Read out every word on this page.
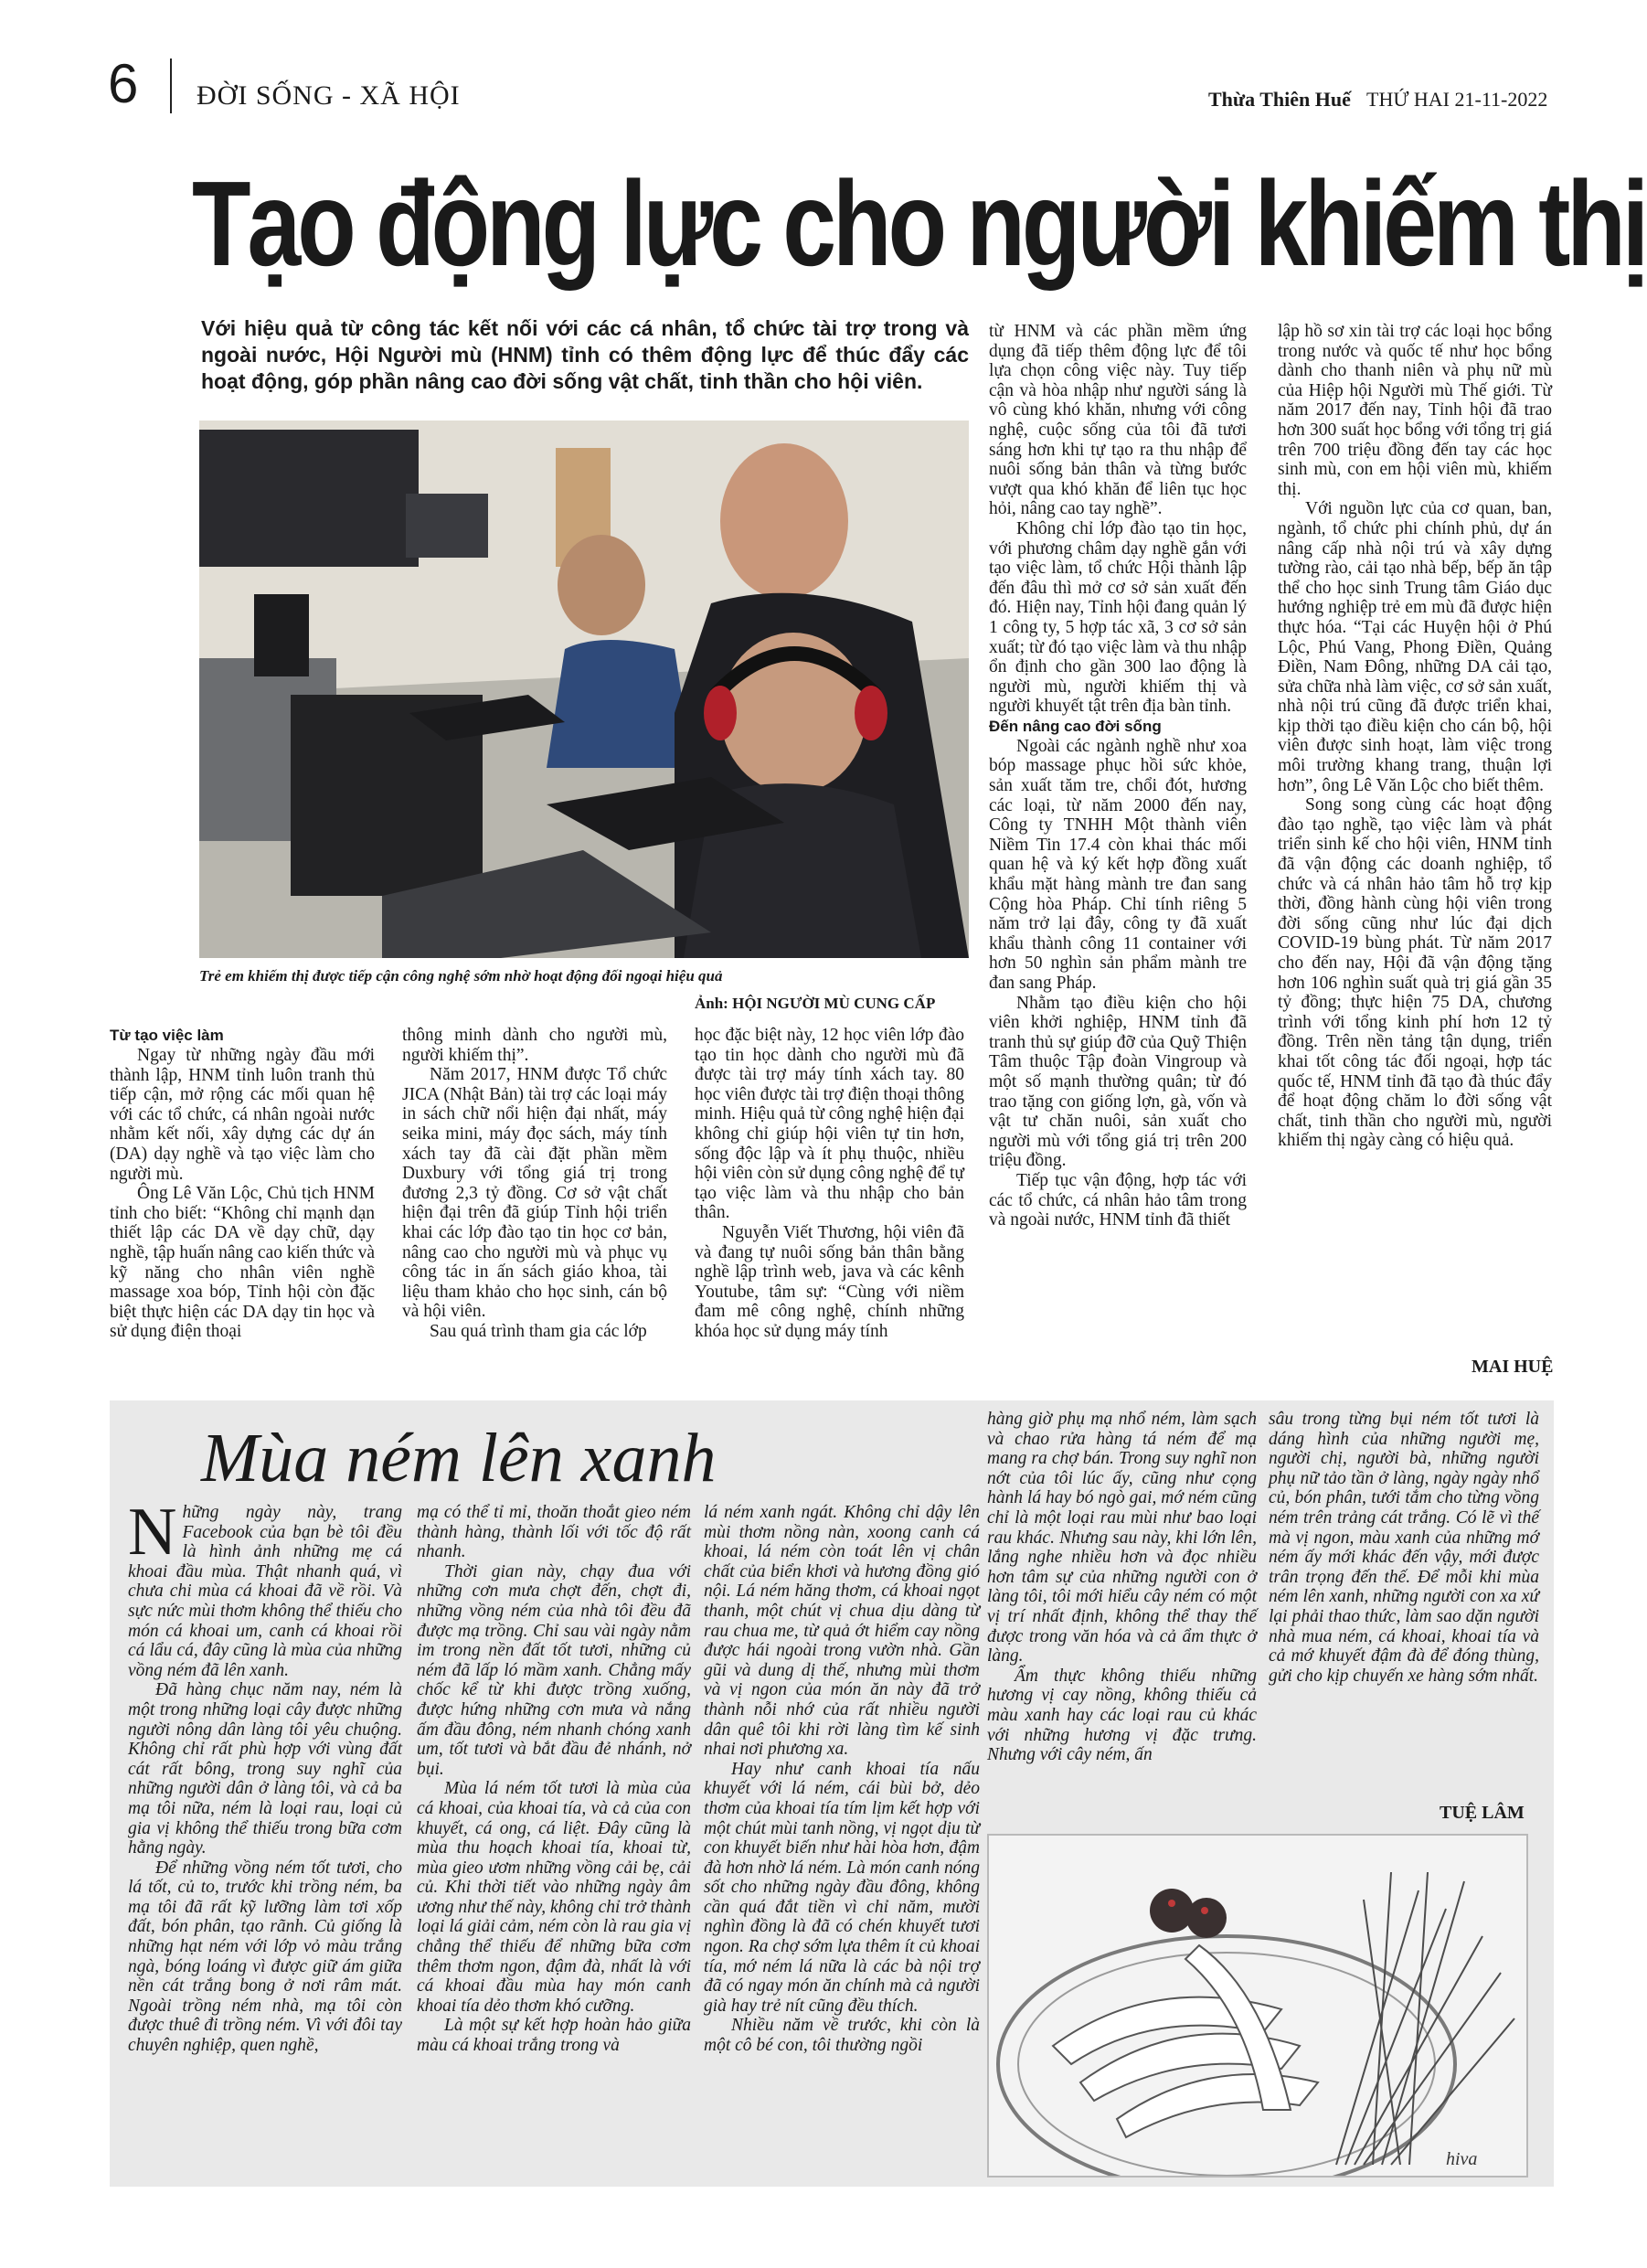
6 ĐỜI SỐNG - XÃ HỘI	Thừa Thiên Huế THỨ HAI 21-11-2022
Tạo động lực cho người khiếm thị
Với hiệu quả từ công tác kết nối với các cá nhân, tổ chức tài trợ trong và ngoài nước, Hội Người mù (HNM) tỉnh có thêm động lực để thúc đẩy các hoạt động, góp phần nâng cao đời sống vật chất, tinh thần cho hội viên.
Trẻ em khiếm thị được tiếp cận công nghệ sớm nhờ hoạt động đối ngoại hiệu quả
Ảnh: HỘI NGƯỜI MÙ CUNG CẤP

từ HNM và các phần mềm ứng dụng đã tiếp thêm động lực để tôi lựa chọn công việc này. Tuy tiếp cận và hòa nhập như người sáng là vô cùng khó khăn, nhưng với công nghệ, cuộc sống của tôi đã tươi sáng hơn khi tự tạo ra thu nhập để nuôi sống bản thân và từng bước vượt qua khó khăn để liên tục học hỏi, nâng cao tay nghề”.

Không chỉ lớp đào tạo tin học, với phương châm dạy nghề gắn với tạo việc làm, tổ chức Hội thành lập đến đâu thì mở cơ sở sản xuất đến đó. Hiện nay, Tỉnh hội đang quản lý 1 công ty, 5 hợp tác xã, 3 cơ sở sản xuất; từ đó tạo việc làm và thu nhập ổn định cho gần 300 lao động là người mù, người khiếm thị và người khuyết tật trên địa bàn tỉnh.

Đến nâng cao đời sống

Ngoài các ngành nghề như xoa bóp massage phục hồi sức khỏe, sản xuất tăm tre, chổi đót, hương các loại, từ năm 2000 đến nay, Công ty TNHH Một thành viên Niềm Tin 17.4 còn khai thác mối quan hệ và ký kết hợp đồng xuất khẩu mặt hàng mành tre đan sang Cộng hòa Pháp. Chỉ tính riêng 5 năm trở lại đây, công ty đã xuất khẩu thành công 11 container với hơn 50 nghìn sản phẩm mành tre đan sang Pháp.

Nhằm tạo điều kiện cho hội viên khởi nghiệp, HNM tỉnh đã tranh thủ sự giúp đỡ của Quỹ Thiện Tâm thuộc Tập đoàn Vingroup và một số mạnh thường quân; từ đó trao tặng con giống lợn, gà, vốn và vật tư chăn nuôi, sản xuất cho người mù với tổng giá trị trên 200 triệu đồng.

Tiếp tục vận động, hợp tác với các tổ chức, cá nhân hảo tâm trong và ngoài nước, HNM tỉnh đã thiết

lập hồ sơ xin tài trợ các loại học bổng trong nước và quốc tế như học bổng dành cho thanh niên và phụ nữ mù của Hiệp hội Người mù Thế giới. Từ năm 2017 đến nay, Tỉnh hội đã trao hơn 300 suất học bổng với tổng trị giá trên 700 triệu đồng đến tay các học sinh mù, con em hội viên mù, khiếm thị.

Với nguồn lực của cơ quan, ban, ngành, tổ chức phi chính phủ, dự án nâng cấp nhà nội trú và xây dựng tường rào, cải tạo nhà bếp, bếp ăn tập thể cho học sinh Trung tâm Giáo dục hướng nghiệp trẻ em mù đã được hiện thực hóa. “Tại các Huyện hội ở Phú Lộc, Phú Vang, Phong Điền, Quảng Điền, Nam Đông, những DA cải tạo, sửa chữa nhà làm việc, cơ sở sản xuất, nhà nội trú cũng đã được triển khai, kịp thời tạo điều kiện cho cán bộ, hội viên được sinh hoạt, làm việc trong môi trường khang trang, thuận lợi hơn”, ông Lê Văn Lộc cho biết thêm.

Song song cùng các hoạt động đào tạo nghề, tạo việc làm và phát triển sinh kế cho hội viên, HNM tỉnh đã vận động các doanh nghiệp, tổ chức và cá nhân hảo tâm hỗ trợ kịp thời, đồng hành cùng hội viên trong đời sống cũng như lúc đại dịch COVID-19 bùng phát. Từ năm 2017 cho đến nay, Hội đã vận động tặng hơn 106 nghìn suất quà trị giá gần 35 tỷ đồng; thực hiện 75 DA, chương trình với tổng kinh phí hơn 12 tỷ đồng. Trên nền tảng tận dụng, triển khai tốt công tác đối ngoại, hợp tác quốc tế, HNM tỉnh đã tạo đà thúc đẩy để hoạt động chăm lo đời sống vật chất, tinh thần cho người mù, người khiếm thị ngày càng có hiệu quả.

Từ tạo việc làm

Ngay từ những ngày đầu mới thành lập, HNM tỉnh luôn tranh thủ tiếp cận, mở rộng các mối quan hệ với các tổ chức, cá nhân ngoài nước nhằm kết nối, xây dựng các dự án (DA) dạy nghề và tạo việc làm cho người mù.

Ông Lê Văn Lộc, Chủ tịch HNM tỉnh cho biết: “Không chỉ mạnh dạn thiết lập các DA về dạy chữ, dạy nghề, tập huấn nâng cao kiến thức và kỹ năng cho nhân viên nghề massage xoa bóp, Tỉnh hội còn đặc biệt thực hiện các DA dạy tin học và sử dụng điện thoại

thông minh dành cho người mù, người khiếm thị”.

Năm 2017, HNM được Tổ chức JICA (Nhật Bản) tài trợ các loại máy in sách chữ nổi hiện đại nhất, máy seika mini, máy đọc sách, máy tính xách tay đã cài đặt phần mềm Duxbury với tổng giá trị trong đương 2,3 tỷ đồng. Cơ sở vật chất hiện đại trên đã giúp Tỉnh hội triển khai các lớp đào tạo tin học cơ bản, nâng cao cho người mù và phục vụ công tác in ấn sách giáo khoa, tài liệu tham khảo cho học sinh, cán bộ và hội viên.

Sau quá trình tham gia các lớp

học đặc biệt này, 12 học viên lớp đào tạo tin học dành cho người mù đã được tài trợ máy tính xách tay. 80 học viên được tài trợ điện thoại thông minh. Hiệu quả từ công nghệ hiện đại không chỉ giúp hội viên tự tin hơn, sống độc lập và ít phụ thuộc, nhiều hội viên còn sử dụng công nghệ để tự tạo việc làm và thu nhập cho bản thân.

Nguyễn Viết Thương, hội viên đã và đang tự nuôi sống bản thân bằng nghề lập trình web, java và các kênh Youtube, tâm sự: “Cùng với niềm đam mê công nghệ, chính những khóa học sử dụng máy tính

MAI HUỆ

Những ngày này, trang Facebook của bạn bè tôi đều là hình ảnh những mẹ cá khoai đầu mùa. Thật nhanh quá, vì chưa chi mùa cá khoai đã về rồi. Và sực nức mùi thơm không thể thiếu cho món cá khoai um, canh cá khoai rồi cá lẩu cá, đây cũng là mùa của những vồng ném đã lên xanh.

Đã hàng chục năm nay, ném là một trong những loại cây được những người nông dân làng tôi yêu chuộng. Không chỉ rất phù hợp với vùng đất cát rất bông, trong suy nghĩ của những người dân ở làng tôi, và cả ba mạ tôi nữa, ném là loại rau, loại củ gia vị không thể thiếu trong bữa cơm hằng ngày.

Để những vồng ném tốt tươi, cho lá tốt, củ to, trước khi trồng ném, ba mạ tôi đã rất kỹ lưỡng làm tơi xốp đất, bón phân, tạo rãnh. Củ giống là những hạt ném với lớp vỏ màu trắng ngà, bóng loáng vì được giữ ám giữa nền cát trắng bong ở nơi râm mát. Ngoài trồng ném nhà, mạ tôi còn được thuê đi trồng ném. Vì với đôi tay chuyên nghiệp, quen nghề,

mạ có thể tỉ mỉ, thoăn thoắt gieo ném thành hàng, thành lối với tốc độ rất nhanh.

Thời gian này, chạy đua với những cơn mưa chợt đến, chợt đi, những vồng ném của nhà tôi đều đã được mạ trồng. Chỉ sau vài ngày nằm im trong nền đất tốt tươi, những củ ném đã lấp ló mầm xanh. Chẳng mấy chốc kể từ khi được trồng xuống, được hứng những cơn mưa và nắng ấm đầu đông, ném nhanh chóng xanh um, tốt tươi và bắt đầu đẻ nhánh, nở bụi.

Mùa lá ném tốt tươi là mùa của cá khoai, của khoai tía, và cả của con khuyết, cá ong, cá liệt. Đây cũng là mùa thu hoạch khoai tía, khoai từ, mùa gieo ươm những vồng cải bẹ, cải củ. Khi thời tiết vào những ngày âm ương như thế này, không chỉ trở thành loại lá giải cảm, ném còn là rau gia vị chẳng thể thiếu để những bữa cơm thêm thơm ngon, đậm đà, nhất là với cá khoai đầu mùa hay món canh khoai tía dẻo thơm khó cưỡng.

Là một sự kết hợp hoàn hảo giữa màu cá khoai trắng trong và

lá ném xanh ngát. Không chỉ dậy lên mùi thơm nồng nàn, xoong canh cá khoai, lá ném còn toát lên vị chân chất của biển khơi và hương đồng gió nội. Lá ném hăng thơm, cá khoai ngọt thanh, một chút vị chua dịu dàng từ rau chua me, từ quả ớt hiểm cay nồng được hái ngoài trong vườn nhà. Gần gũi và dung dị thế, nhưng mùi thơm và vị ngon của món ăn này đã trở thành nỗi nhớ của rất nhiều người dân quê tôi khi rời làng tìm kế sinh nhai nơi phương xa.

Hay như canh khoai tía nấu khuyết với lá ném, cái bùi bở, dẻo thơm của khoai tía tím lịm kết hợp với một chút mùi tanh nồng, vị ngọt dịu từ con khuyết biến như hài hòa hơn, đậm đà hơn nhờ lá ném. Là món canh nóng sốt cho những ngày đầu đông, không cần quá đắt tiền vì chỉ năm, mười nghìn đồng là đã có chén khuyết tươi ngon. Ra chợ sớm lựa thêm ít củ khoai tía, mớ ném lá nữa là các bà nội trợ đã có ngay món ăn chính mà cả người già hay trẻ nít cũng đều thích.

Nhiều năm về trước, khi còn là một cô bé con, tôi thường ngồi

hàng giờ phụ mạ nhổ ném, làm sạch và chao rửa hàng tá ném để mạ mang ra chợ bán. Trong suy nghĩ non nớt của tôi lúc ấy, cũng như cọng hành lá hay bó ngò gai, mớ ném cũng chỉ là một loại rau mùi như bao loại rau khác. Nhưng sau này, khi lớn lên, lắng nghe nhiều hơn và đọc nhiều hơn tâm sự của những người con ở làng tôi, tôi mới hiểu cây ném có một vị trí nhất định, không thể thay thế được trong văn hóa và cả ẩm thực ở làng.

Ẩm thực không thiếu những hương vị cay nồng, không thiếu cả màu xanh hay các loại rau củ khác với những hương vị đặc trưng. Nhưng với cây ném, ấn

sâu trong từng bụi ném tốt tươi là dáng hình của những người mẹ, người chị, người bà, những người phụ nữ tảo tần ở làng, ngày ngày nhổ củ, bón phân, tưới tắm cho từng vồng ném trên trảng cát trắng. Có lẽ vì thế mà vị ngon, màu xanh của những mớ ném ấy mới khác đến vậy, mới được trân trọng đến thế. Để mỗi khi mùa ném lên xanh, những người con xa xứ lại phải thao thức, làm sao dặn người nhà mua ném, cá khoai, khoai tía và cả mớ khuyết đậm đà để đóng thùng, gửi cho kịp chuyến xe hàng sớm nhất.

Mùa ném lên xanh
TUỆ LÂM
hiva
